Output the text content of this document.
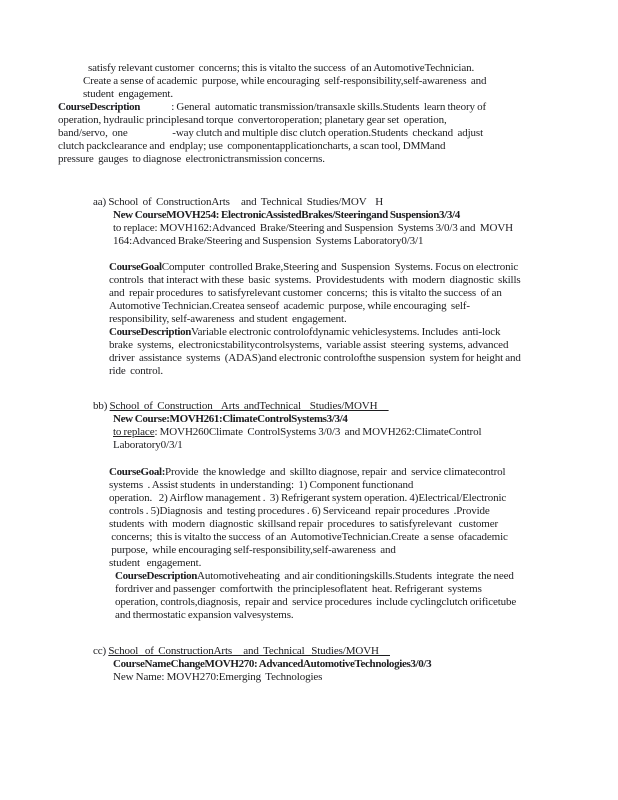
satisfy relevant customer  concerns; this is vitalto the success  of an AutomotiveTechnician.
Create a sense of academic  purpose, while encouraging  self-responsibility,self-awareness  and
student  engagement.
CourseDescription              : General  automatic transmission/transaxle skills.Students  learn theory of
operation, hydraulic principlesand torque  convertoroperation; planetary gear set  operation,
band/servo,  one                    -way clutch and multiple disc clutch operation.Students  checkand  adjust
clutch packclearance and  endplay; use  componentapplicationcharts, a scan tool, DMMand
pressure  gauges  to diagnose  electronictransmission concerns.
aa) School  of  ConstructionArts     and  Technical  Studies/MOV    H
New CourseMOVH254: ElectronicAssistedBrakes/Steeringand Suspension3/3/4
to replace: MOVH162:Advanced  Brake/Steering and Suspension  Systems 3/0/3 and  MOVH
164:Advanced Brake/Steering and Suspension  Systems Laboratory0/3/1
CourseGoalComputer  controlled Brake,Steering and  Suspension  Systems. Focus on electronic
controls  that interact with these  basic  systems.  Providestudents  with  modern  diagnostic  skills
and  repair procedures  to satisfyrelevant customer  concerns;  this is vitalto the success  of an
Automotive Technician.Createa senseof  academic  purpose, while encouraging  self-
responsibility, self-awareness  and student  engagement.
CourseDescriptionVariable electronic controlofdynamic vehiclesystems. Includes  anti-lock
brake  systems,  electronicstabilitycontrolsystems,  variable assist  steering  systems, advanced
driver  assistance  systems  (ADAS)and electronic controlofthe suspension  system for height and
ride  control.
bb) School  of  Construction    Arts  andTechnical    Studies/MOVH
New Course:MOVH261:ClimateControlSystems3/3/4
to replace: MOVH260Climate  ControlSystems 3/0/3  and MOVH262:ClimateControl
Laboratory0/3/1
CourseGoal:Provide  the knowledge  and  skillto diagnose, repair  and  service climatecontrol
systems  . Assist students  in understanding:  1) Component functionand
operation.   2) Airflow management .  3) Refrigerant system operation. 4)Electrical/Electronic
controls . 5)Diagnosis  and  testing procedures . 6) Serviceand  repair procedures  .Provide
students  with  modern  diagnostic  skillsand repair  procedures  to satisfyrelevant   customer
concerns;  this is vitalto the success  of an  AutomotiveTechnician.Create  a sense  ofacademic
purpose,  while encouraging self-responsibility,self-awareness  and
student   engagement.
CourseDescriptionAutomotiveheating  and air conditioningskills.Students  integrate  the need
fordriver and passenger  comfortwith  the principlesoflatent  heat. Refrigerant  systems
operation, controls,diagnosis,  repair and  service procedures  include cyclingclutch orificetube
and thermostatic expansion valvesystems.
cc) School   of  ConstructionArts     and  Technical   Studies/MOVH
CourseNameChangeMOVH270: AdvancedAutomotiveTechnologies3/0/3
New Name: MOVH270:Emerging  Technologies
